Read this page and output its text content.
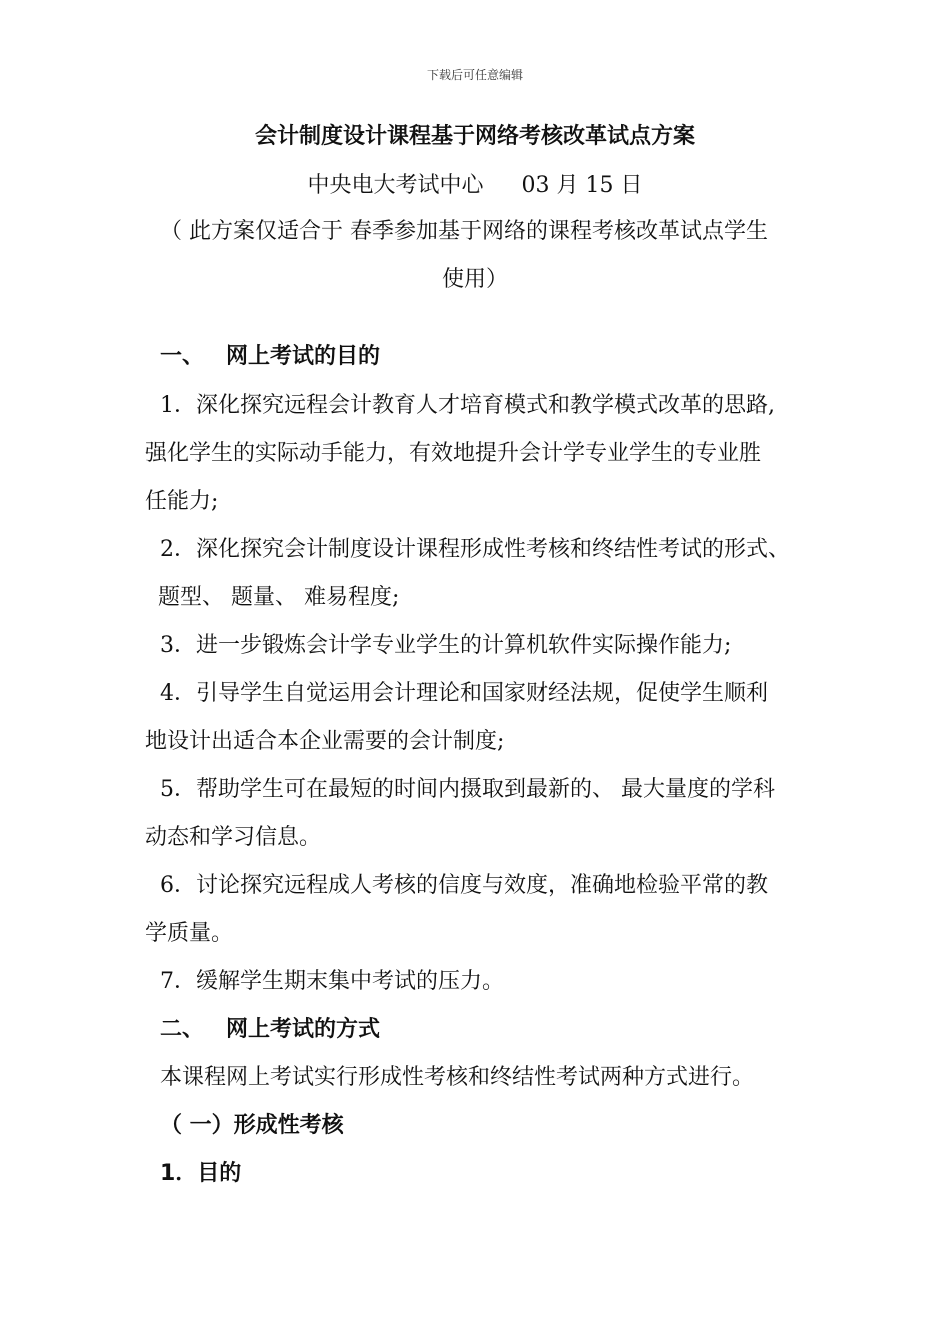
下载后可任意编辑
会计制度设计课程基于网络考核改革试点方案
中央电大考试中心 03 月 15 日
（ 此方案仅适合于 春季参加基于网络的课程考核改革试点学生
使用）
一、 网上考试的目的
1．深化探究远程会计教育人才培育模式和教学模式改革的思路,
强化学生的实际动手能力，有效地提升会计学专业学生的专业胜
任能力;
2．深化探究会计制度设计课程形成性考核和终结性考试的形式、
题型、 题量、 难易程度;
3．进一步锻炼会计学专业学生的计算机软件实际操作能力;
4．引导学生自觉运用会计理论和国家财经法规，促使学生顺利
地设计出适合本企业需要的会计制度;
5．帮助学生可在最短的时间内摄取到最新的、 最大量度的学科
动态和学习信息。
6．讨论探究远程成人考核的信度与效度，准确地检验平常的教
学质量。
7．缓解学生期末集中考试的压力。
二、 网上考试的方式
本课程网上考试实行形成性考核和终结性考试两种方式进行。
（ 一）形成性考核
1．目的
